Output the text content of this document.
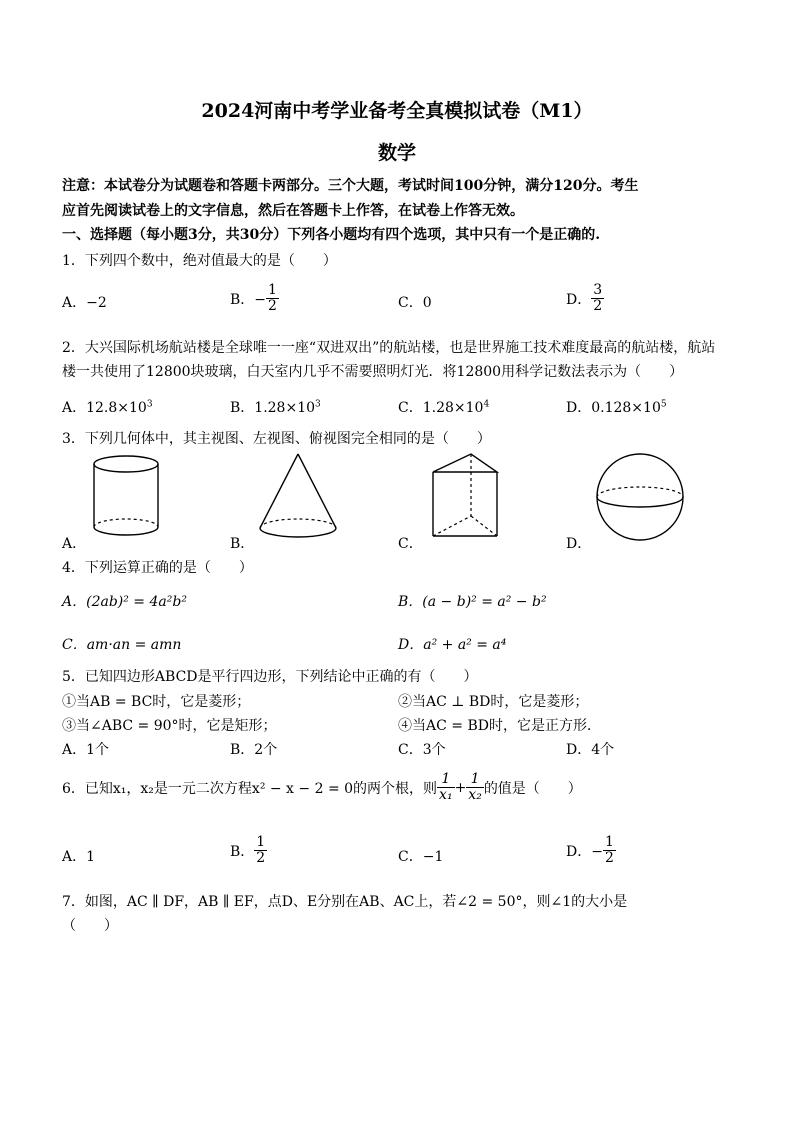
2024河南中考学业备考全真模拟试卷（M1）
数学
注意：本试卷分为试题卷和答题卡两部分。三个大题，考试时间100分钟，满分120分。考生
应首先阅读试卷上的文字信息，然后在答题卡上作答，在试卷上作答无效。
一、选择题（每小题3分，共30分）下列各小题均有四个选项，其中只有一个是正确的.
1．下列四个数中，绝对值最大的是（　　）
A．−2	B．− $\frac{1}{2}$	C．0	D． $\frac{3}{2}$
2．大兴国际机场航站楼是全球唯一一座“双进双出”的航站楼，也是世界施工技术难度最高的航站楼，航站
楼一共使用了12800块玻璃，白天室内几乎不需要照明灯光．将12800用科学记数法表示为（　　）
A．$12.8\times 10^3$	B．$1.28\times 10^3$	C．$1.28\times 10^4$	D．$0.128\times 10^5$
3．下列几何体中，其主视图、左视图、俯视图完全相同的是（　　）
A．	B．	C．	D．
4．下列运算正确的是（　　）
A．(2ab)² = 4a²b²	B．(a − b)² = a² − b²
C．am·an = amn	D．a² + a² = a⁴
5．已知四边形ABCD是平行四边形，下列结论中正确的有（　　）
①当AB = BC时，它是菱形；	②当AC ⊥ BD时，它是菱形；
③当∠ABC = 90°时，它是矩形；	④当AC = BD时，它是正方形．
A．1个	B．2个	C．3个	D．4个
6．已知x₁，x₂是一元二次方程x² − x − 2 = 0的两个根，则 $\frac{1}{\text{x₁}} + \frac{1}{\text{x₂}}$ 的值是（　　）
A．1	B． $\frac{1}{2}$	C．−1	D．− $\frac{1}{2}$
7．如图，AC ∥ DF，AB ∥ EF，点D、E分别在AB、AC上，若∠2 = 50°，则∠1的大小是
（　　）
